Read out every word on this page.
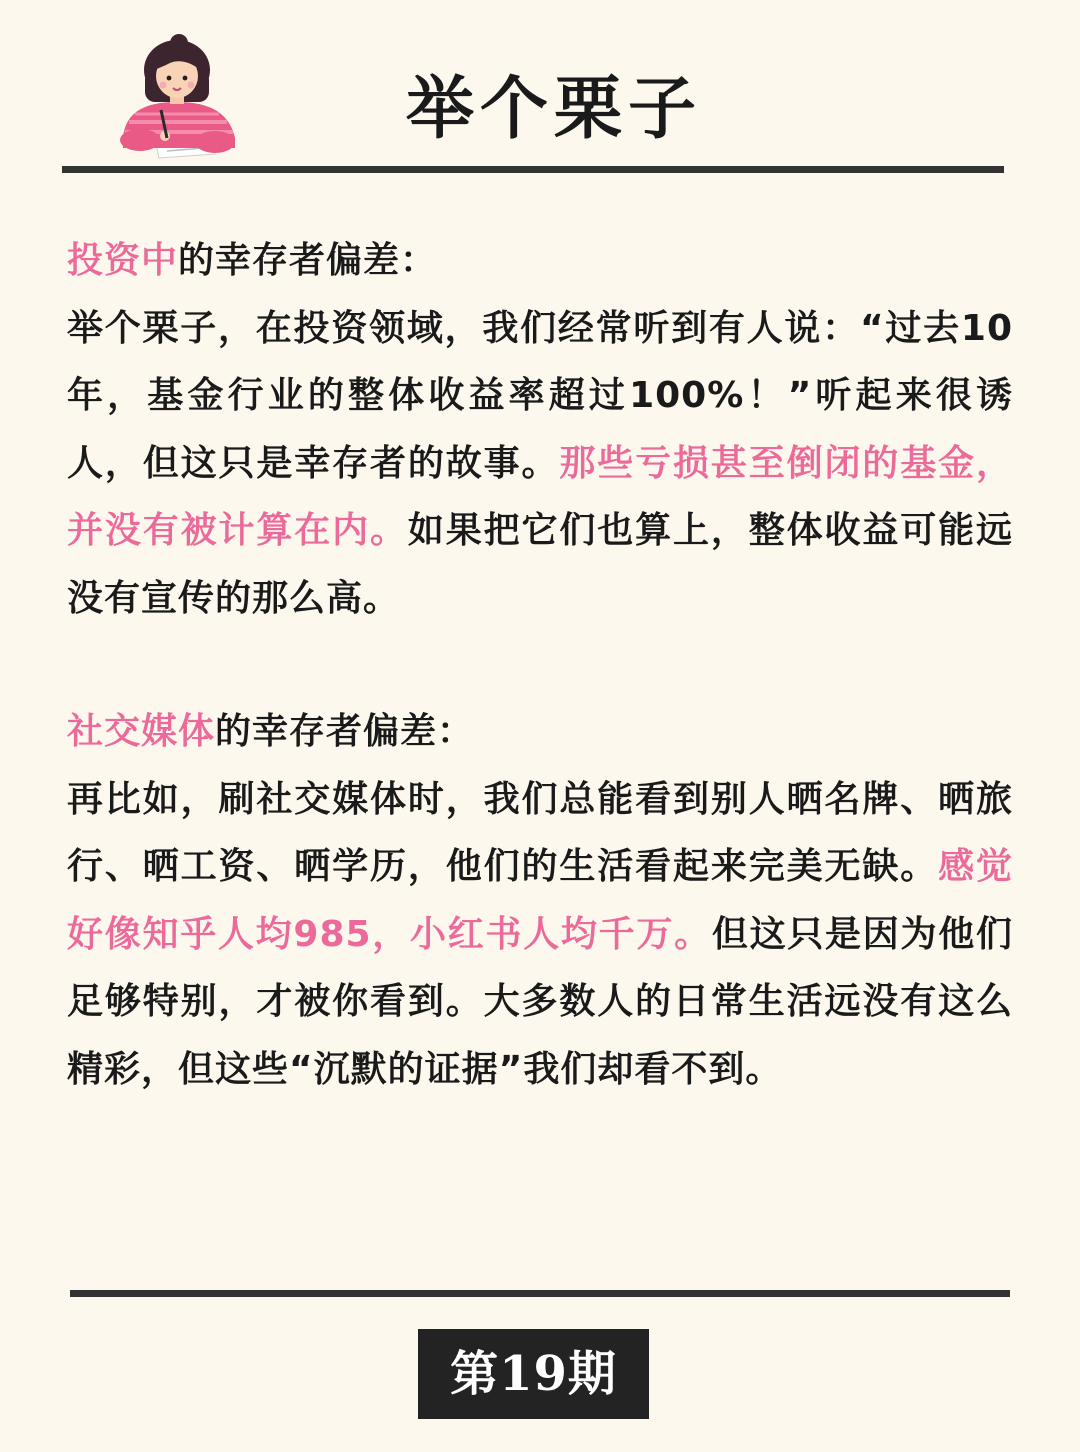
举个栗子

投资中的幸存者偏差：
举个栗子，在投资领域，我们经常听到有人说：“过去10年，基金行业的整体收益率超过100%！”听起来很诱人，但这只是幸存者的故事。那些亏损甚至倒闭的基金，并没有被计算在内。如果把它们也算上，整体收益可能远没有宣传的那么高。

社交媒体的幸存者偏差：
再比如，刷社交媒体时，我们总能看到别人晒名牌、晒旅行、晒工资、晒学历，他们的生活看起来完美无缺。感觉好像知乎人均985，小红书人均千万。但这只是因为他们足够特别，才被你看到。大多数人的日常生活远没有这么精彩，但这些“沉默的证据”我们却看不到。

第19期
